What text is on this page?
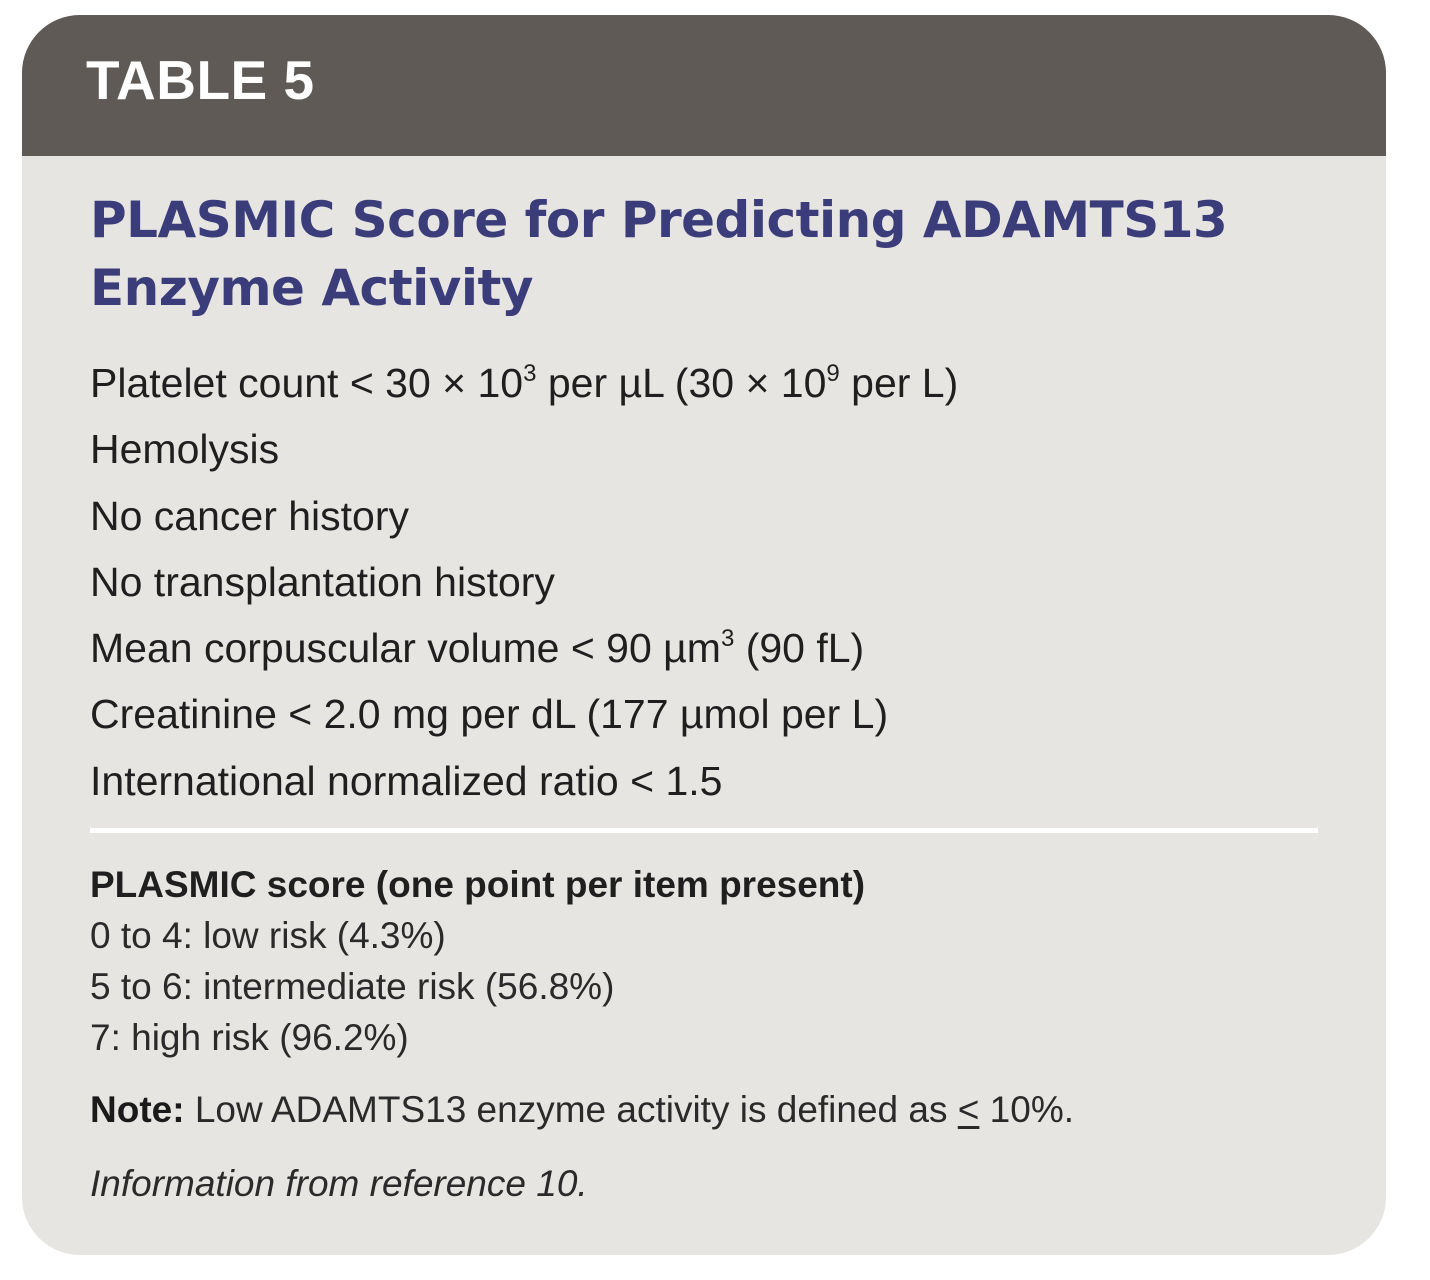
TABLE 5
PLASMIC Score for Predicting ADAMTS13 Enzyme Activity
Platelet count < $30 \times 10^3$ per µL ($30 \times 10^9$ per L)
Hemolysis
No cancer history
No transplantation history
Mean corpuscular volume < 90 µm$^3$ (90 fL)
Creatinine < 2.0 mg per dL (177 µmol per L)
International normalized ratio < 1.5

PLASMIC score (one point per item present)

0 to 4: low risk (4.3%)
5 to 6: intermediate risk (56.8%)
7: high risk (96.2%)

Note: Low ADAMTS13 enzyme activity is defined as ≤ 10%.

Information from reference 10.
